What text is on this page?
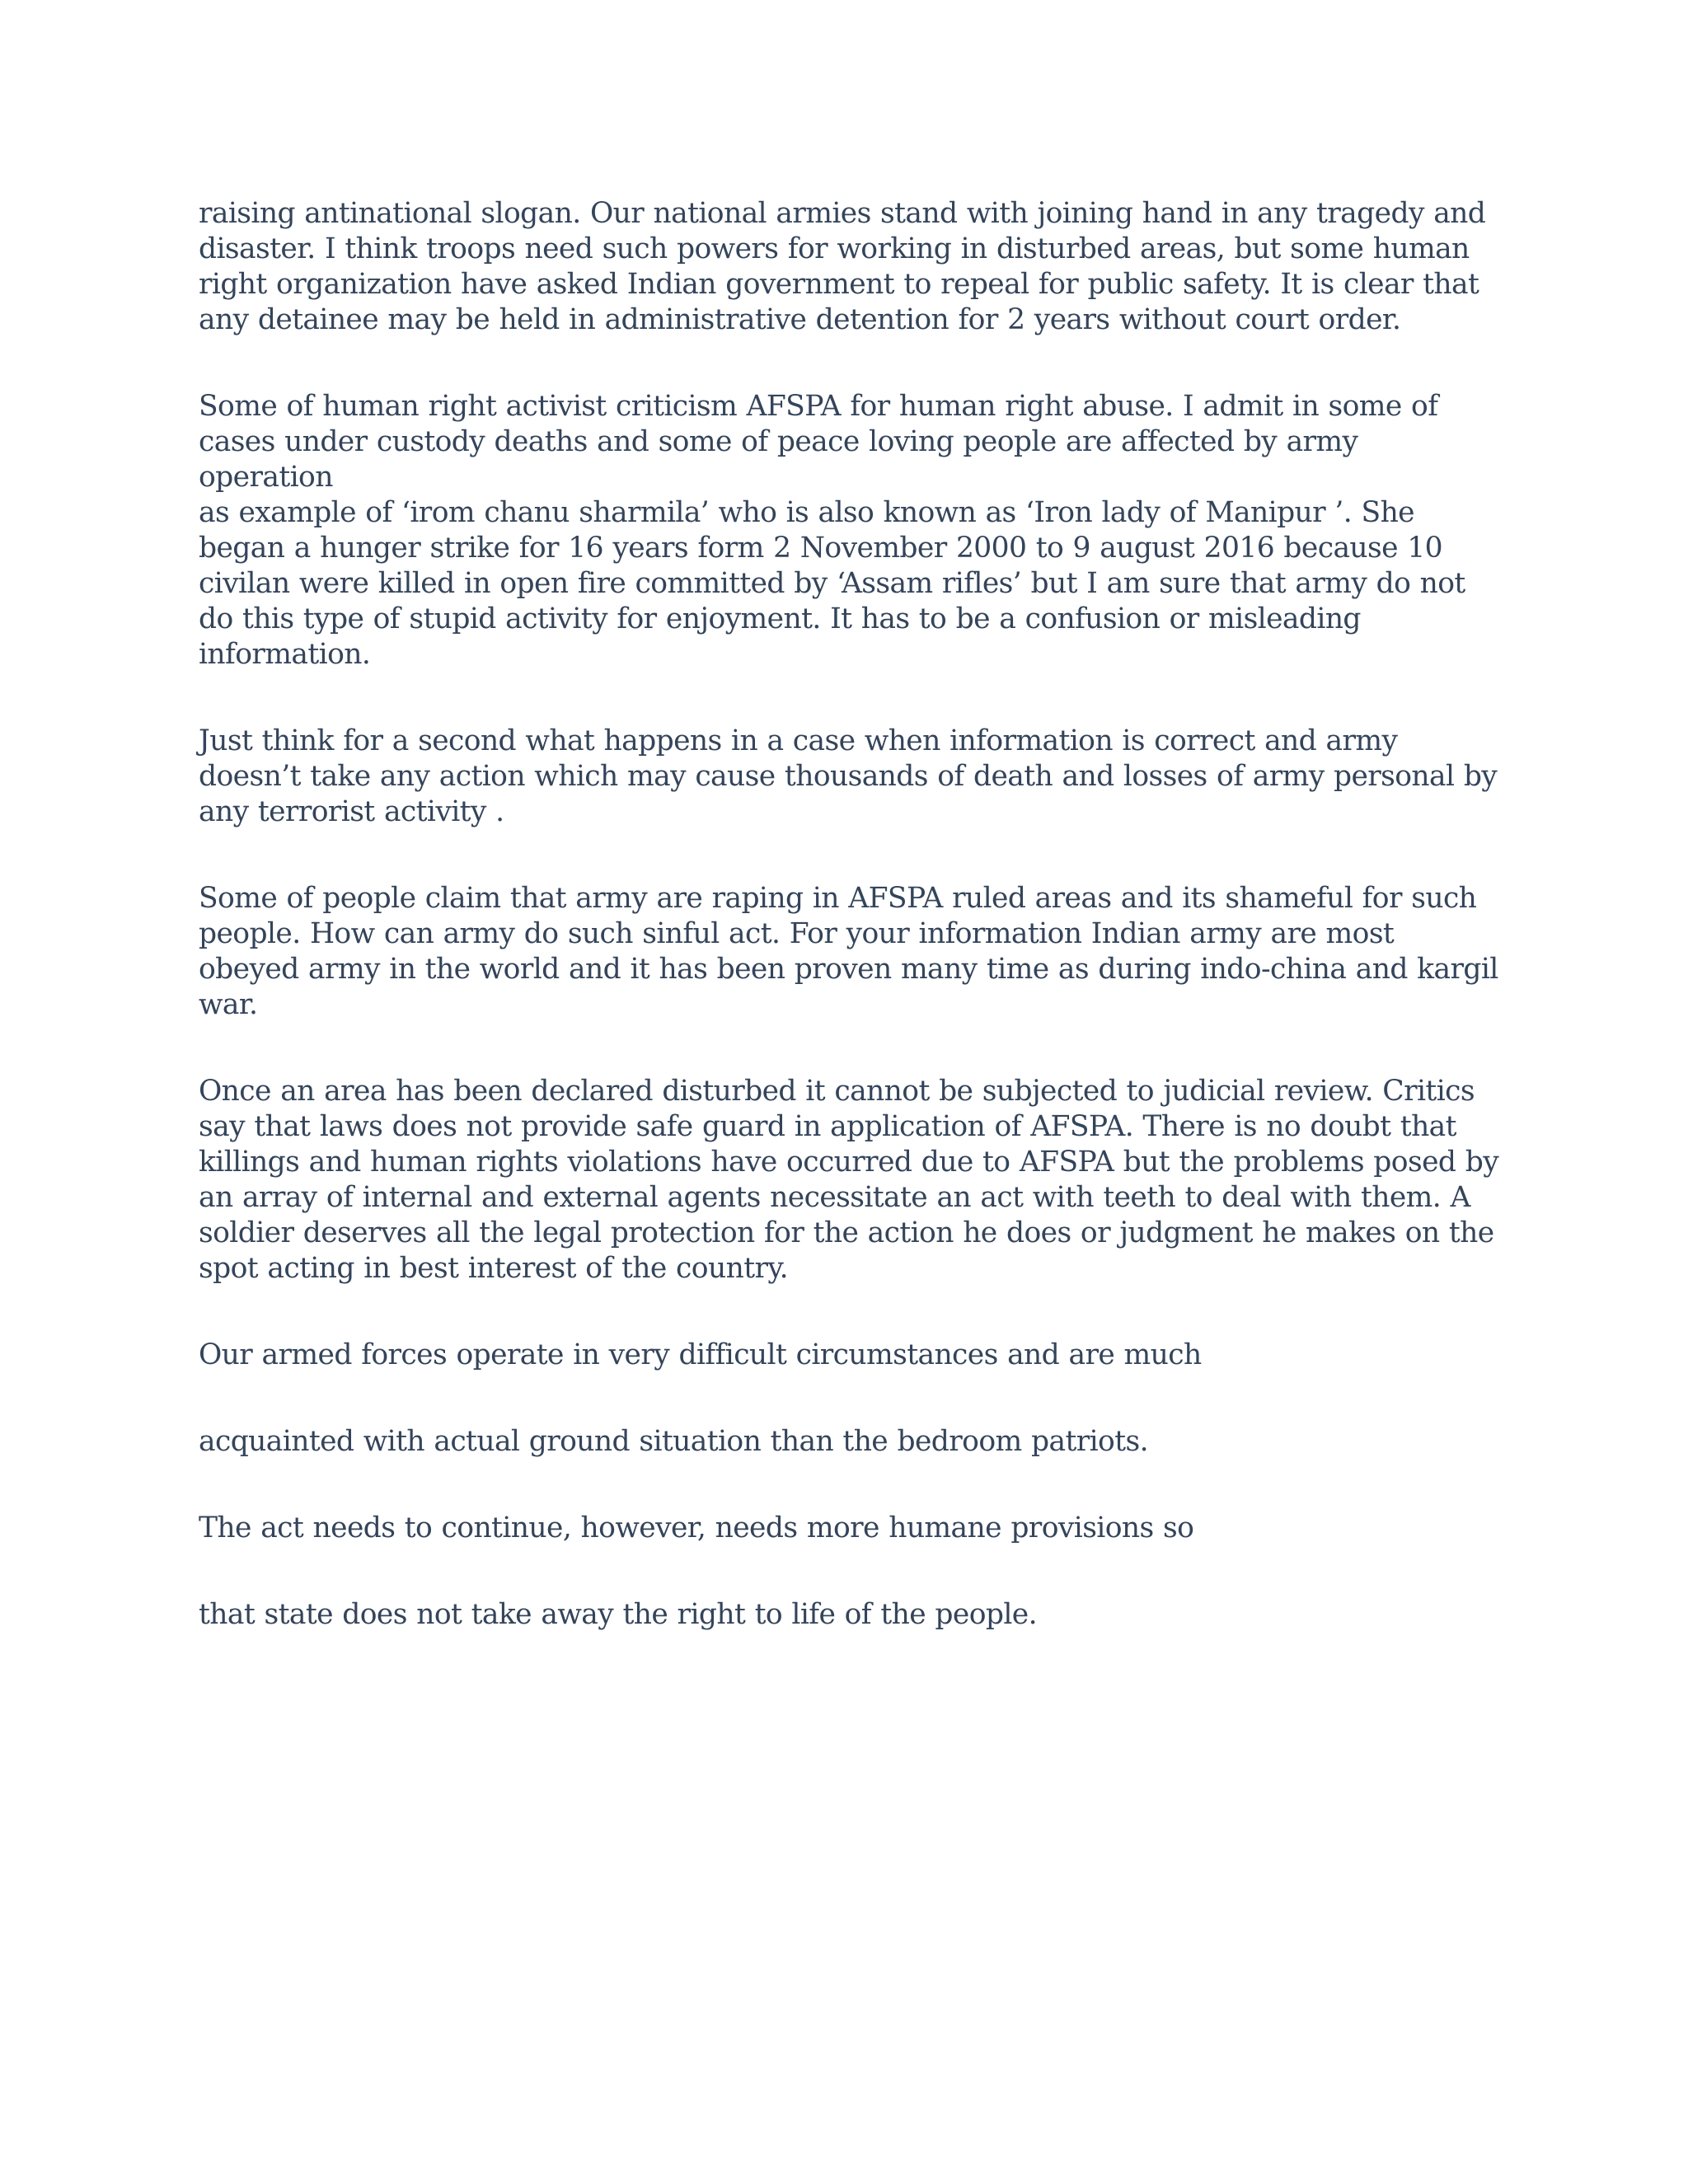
raising antinational slogan. Our national armies stand with joining hand in any tragedy and
disaster. I think troops need such powers for working in disturbed areas, but some human
right organization have asked Indian government to repeal for public safety. It is clear that
any detainee may be held in administrative detention for 2 years without court order.

Some of human right activist criticism AFSPA for human right abuse. I admit in some of
cases under custody deaths and some of peace loving people are affected by army operation
as example of ‘irom chanu sharmila’ who is also known as ‘Iron lady of Manipur ’. She
began a hunger strike for 16 years form 2 November 2000 to 9 august 2016 because 10
civilan were killed in open fire committed by ‘Assam rifles’ but I am sure that army do not
do this type of stupid activity for enjoyment. It has to be a confusion or misleading
information.

Just think for a second what happens in a case when information is correct and army
doesn’t take any action which may cause thousands of death and losses of army personal by
any terrorist activity .

Some of people claim that army are raping in AFSPA ruled areas and its shameful for such
people. How can army do such sinful act. For your information Indian army are most
obeyed army in the world and it has been proven many time as during indo-china and kargil
war.

Once an area has been declared disturbed it cannot be subjected to judicial review. Critics
say that laws does not provide safe guard in application of AFSPA. There is no doubt that
killings and human rights violations have occurred due to AFSPA but the problems posed by
an array of internal and external agents necessitate an act with teeth to deal with them. A
soldier deserves all the legal protection for the action he does or judgment he makes on the
spot acting in best interest of the country.

Our armed forces operate in very difficult circumstances and are much

acquainted with actual ground situation than the bedroom patriots.

The act needs to continue, however, needs more humane provisions so

that state does not take away the right to life of the people.
